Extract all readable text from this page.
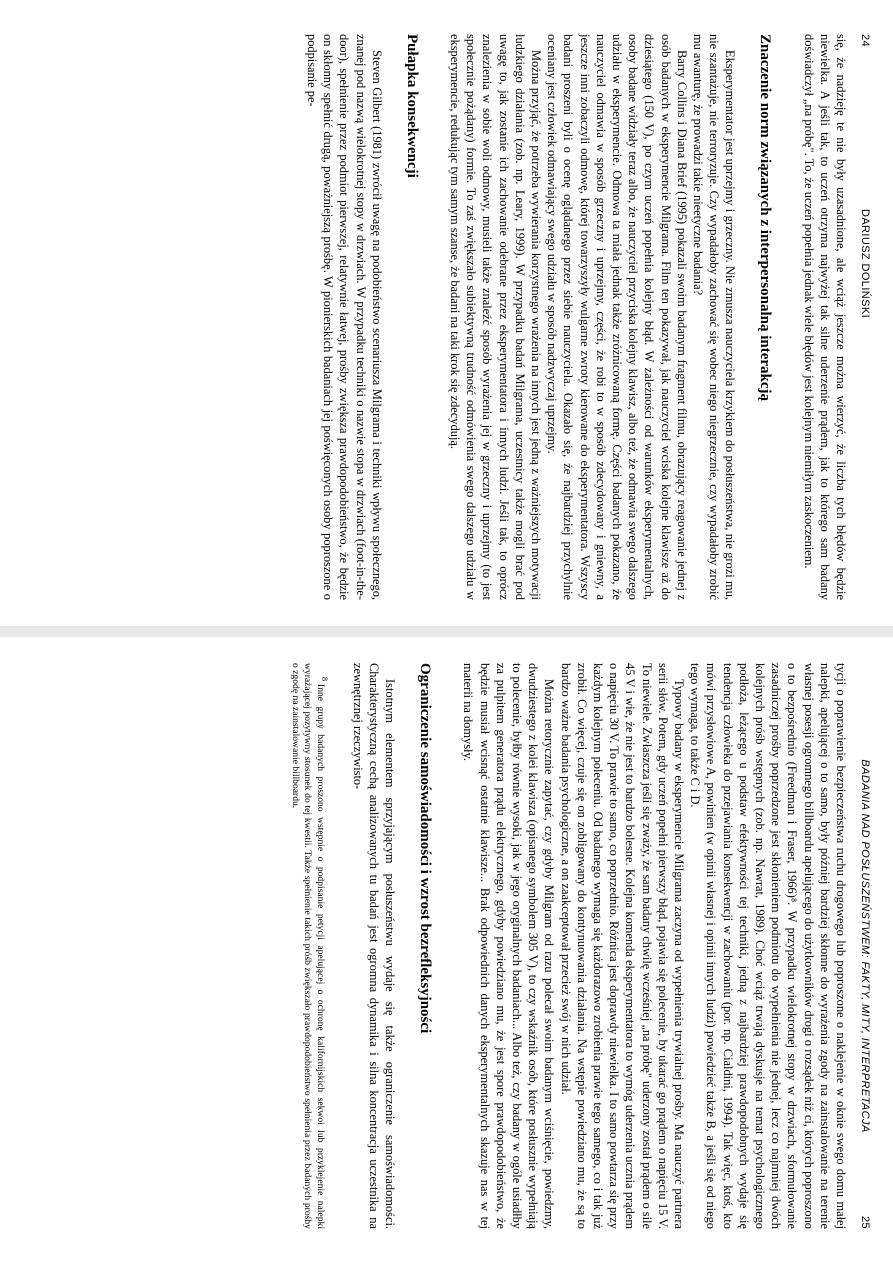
24
DARIUSZ DOLIŃSKI

się, że nadzieję te nie były uzasadnione, ale wciąż jeszcze można wierzyć, że liczba tych błędów będzie niewielka. A jeśli tak, to uczeń otrzyma najwyżej tak silne uderzenie prądem, jak to którego sam badany doświadczył „na próbę". To, że uczeń popełnia jednak wiele błędów jest kolejnym niemiłym zaskoczeniem.

Znaczenie norm związanych z interpersonalną interakcją

Eksperymentator jest uprzejmy i grzeczny. Nie zmusza nauczyciela krzykiem do posłuszeństwa, nie grozi mu, nie szantażuje, nie terroryzuje. Czy wypadałoby zachować się wobec niego niegrzecznie, czy wypadałoby zrobić mu awanturę, że prowadzi takie nieetyczne badania?

Barry Collins i Diana Brief (1995) pokazali swoim badanym fragment filmu, obrazujący reagowanie jednej z osób badanych w eksperymencie Milgrama. Film ten pokazywał, jak nauczyciel wciska kolejne klawisze aż do dziesiątego (150 V), po czym uczeń popełnia kolejny błąd. W zależności od warunków eksperymentalnych, osoby badane widziały teraz albo, że nauczyciel przyciska kolejny klawisz, albo też, że odmawia swego dalszego udziału w eksperymencie. Odmowa ta miała jednak także zróżnicowaną formę. Części badanych pokazano, że nauczyciel odmawia w sposób grzeczny i uprzejmy, części, że robi to w sposób zdecydowany i gniewny, a jeszcze inni zobaczyli odmowę, której towarzyszyły wulgarne zwroty kierowane do eksperymentatora. Wszyscy badani proszeni byli o ocenę oglądanego przez siebie nauczyciela. Okazało się, że najbardziej przychylnie oceniany jest człowiek odmawiający swego udziału w sposób nadzwyczaj uprzejmy.

Można przyjąć, że potrzeba wywierania korzystnego wrażenia na innych jest jedną z ważniejszych motywacji ludzkiego działania (zob. np. Leary, 1999). W przypadku badań Milgrama, uczestnicy także mogli brać pod uwagę to, jak zostanie ich zachowanie odebrane przez eksperymentatora i innych ludzi. Jeśli tak, to oprócz znalezienia w sobie woli odmowy, musieli także znaleźć sposób wyrażenia jej w grzeczny i uprzejmy (to jest społecznie pożądany) formie. To zaś zwiększało subiektywną trudność odmówienia swego dalszego udziału w eksperymencie, redukując tym samym szanse, że badani na taki krok się zdecydują.

Pułapka konsekwencji

Steven Gilbert (1981) zwrócił uwagę na podobieństwo scenariusza Milgrama i techniki wpływu społecznego, znanej pod nazwą wielokrotnej stopy w drzwiach. W przypadku techniki o nazwie stopa w drzwiach (foot-in-the-door), spełnienie przez podmiot pierwszej, relatywnie łatwej, prośby zwiększa prawdopodobieństwo, że będzie on skłonny spełnić drugą, poważniejszą prośbę. W pionierskich badaniach jej poświęconych osoby poproszone o podpisanie pe-

BADANIA NAD POSŁUSZEŃSTWEM: FAKTY, MITY, INTERPRETACJA
25

tycji o poprawienie bezpieczeństwa ruchu drogowego lub poproszone o naklejenie w oknie swego domu małej nalepki, apelującej o to samo, były później bardziej skłonne do wyrażenia zgody na zainstalowanie na terenie własnej posesji ogromnego billboardu apelującego do użytkowników drogi o rozsądek niż ci, których poproszono o to bezpośrednio (Freedman i Fraser, 1966)⁸. W przypadku wielokrotnej stopy w drzwiach, sformułowanie zasadniczej prośby poprzedzone jest skłonieniem podmiotu do wypełnienia nie jednej, lecz co najmniej dwóch kolejnych próśb wstępnych (zob. np. Nawrat, 1989). Choć wciąż trwają dyskusje na temat psychologicznego podłoża, leżącego u podstaw efektywności tej techniki, jedną z najbardziej prawdopodobnych wydaje się tendencja człowieka do przejawiania konsekwencji w zachowaniu (por. np. Cialdini, 1994). Tak więc, ktoś, kto mówi przysłowiowe A, powinien (w opinii własnej i opinii innych ludzi) powiedzieć także B, a jeśli się od niego tego wymaga, to także C i D.

Typowy badany w eksperymencie Milgrama zaczyna od wypełnienia trywialnej prośby. Ma nauczyć partnera serii słów. Potem, gdy uczeń popełni pierwszy błąd, pojawia się polecenie, by ukarać go prądem o napięciu 15 V. To niewiele. Zwłaszcza jeśli się zważy, że sam badany chwilę wcześniej „na próbę" uderzony został prądem o sile 45 V i wie, że nie jest to bardzo bolesne. Kolejna komenda eksperymentatora to wymóg uderzenia ucznia prądem o napięciu 30 V. To prawie to samo, co poprzednio. Różnica jest doprawdy niewielka. I to samo powtarza się przy każdym kolejnym poleceniu. Od badanego wymaga się każdorazowo zrobienia prawie tego samego, co i tak już zrobił. Co więcej, czuje się on zobligowany do kontynuowania działania. Na wstępie powiedziano mu, że są to bardzo ważne badania psychologiczne, a on zaakceptował przecież swój w nich udział.

Można retorycznie zapytać, czy gdyby Milgram od razu polecał swoim badanym wciśnięcie, powiedzmy, dwudziestego z kolei klawisza (opisanego symbolem 305 V), to czy wskaźnik osób, które posłusznie wypełniają to polecenie, byłby równie wysoki, jak w jego oryginalnych badaniach... Albo też, czy badany w ogóle usiadłby za pulpitem generatora prądu elektrycznego, gdyby powiedziano mu, że jest spore prawdopodobieństwo, że będzie musiał wcisnąć ostatnie klawisze... Brak odpowiednich danych eksperymentalnych skazuje nas w tej materii na domysły.

Ograniczenie samoświadomości i wzrost bezrefleksyjności

Istotnym elementem sprzyjającym posłuszeństwu wydaje się także ograniczenie samoświadomości. Charakterystyczną cechą analizowanych tu badań jest ogromna dynamika i silna koncentracja uczestnika na zewnętrznej rzeczywisto-

$^8$Inne grupy badanych proszono wstępnie o podpisanie petycji apelującej o ochronę kalifornijskich sekwoi lub przyklejenie nalepki wyrażającej pozytywny stosunek do tej kwestii. Także spełnienie takich próśb zwiększało prawdopodobieństwo spełnienia przez badanych prośby o zgodę na zainstalowanie billboardu.
